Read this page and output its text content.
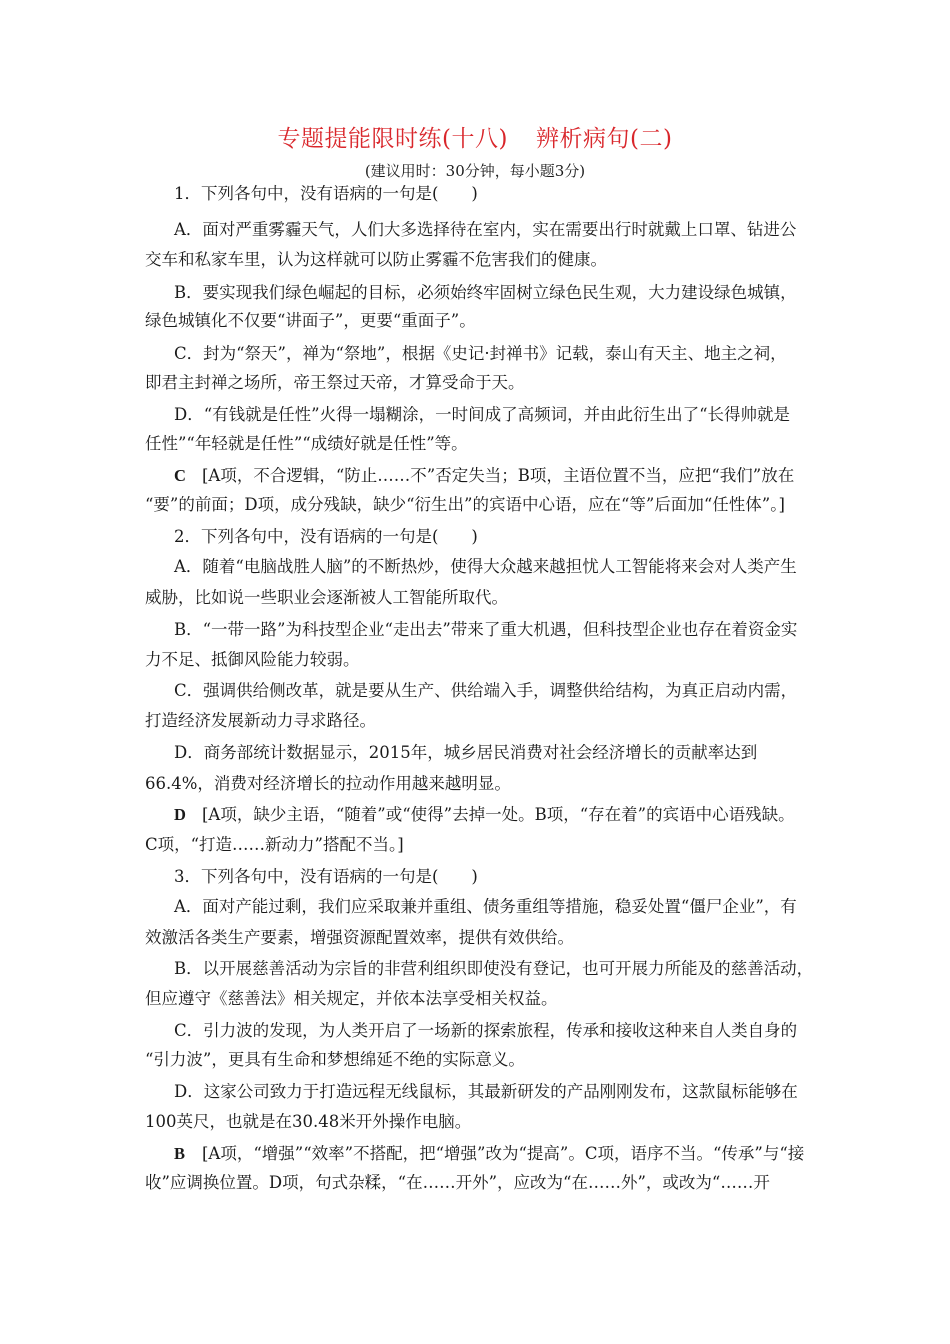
专题提能限时练(十八) 辨析病句(二)
(建议用时：30分钟，每小题3分)
1．下列各句中，没有语病的一句是(　　)
A．面对严重雾霾天气，人们大多选择待在室内，实在需要出行时就戴上口罩、钻进公
交车和私家车里，认为这样就可以防止雾霾不危害我们的健康。
B．要实现我们绿色崛起的目标，必须始终牢固树立绿色民生观，大力建设绿色城镇，
绿色城镇化不仅要“讲面子”，更要“重面子”。
C．封为“祭天”，禅为“祭地”，根据《史记·封禅书》记载，泰山有天主、地主之祠，
即君主封禅之场所，帝王祭过天帝，才算受命于天。
D．“有钱就是任性”火得一塌糊涂，一时间成了高频词，并由此衍生出了“长得帅就是
任性”“年轻就是任性”“成绩好就是任性”等。
C [A项，不合逻辑，“防止……不”否定失当；B项，主语位置不当，应把“我们”放在
“要”的前面；D项，成分残缺，缺少“衍生出”的宾语中心语，应在“等”后面加“任性体”。]
2．下列各句中，没有语病的一句是(　　)
A．随着“电脑战胜人脑”的不断热炒，使得大众越来越担忧人工智能将来会对人类产生
威胁，比如说一些职业会逐渐被人工智能所取代。
B．“一带一路”为科技型企业“走出去”带来了重大机遇，但科技型企业也存在着资金实
力不足、抵御风险能力较弱。
C．强调供给侧改革，就是要从生产、供给端入手，调整供给结构，为真正启动内需，
打造经济发展新动力寻求路径。
D．商务部统计数据显示，2015年，城乡居民消费对社会经济增长的贡献率达到
66.4%，消费对经济增长的拉动作用越来越明显。
D [A项，缺少主语，“随着”或“使得”去掉一处。B项，“存在着”的宾语中心语残缺。
C项，“打造……新动力”搭配不当。]
3．下列各句中，没有语病的一句是(　　)
A．面对产能过剩，我们应采取兼并重组、债务重组等措施，稳妥处置“僵尸企业”，有
效激活各类生产要素，增强资源配置效率，提供有效供给。
B．以开展慈善活动为宗旨的非营利组织即使没有登记，也可开展力所能及的慈善活动，
但应遵守《慈善法》相关规定，并依本法享受相关权益。
C．引力波的发现，为人类开启了一场新的探索旅程，传承和接收这种来自人类自身的
“引力波”，更具有生命和梦想绵延不绝的实际意义。
D．这家公司致力于打造远程无线鼠标，其最新研发的产品刚刚发布，这款鼠标能够在
100英尺，也就是在30.48米开外操作电脑。
B [A项，“增强”“效率”不搭配，把“增强”改为“提高”。C项，语序不当。“传承”与“接
收”应调换位置。D项，句式杂糅，“在……开外”，应改为“在……外”，或改为“……开
